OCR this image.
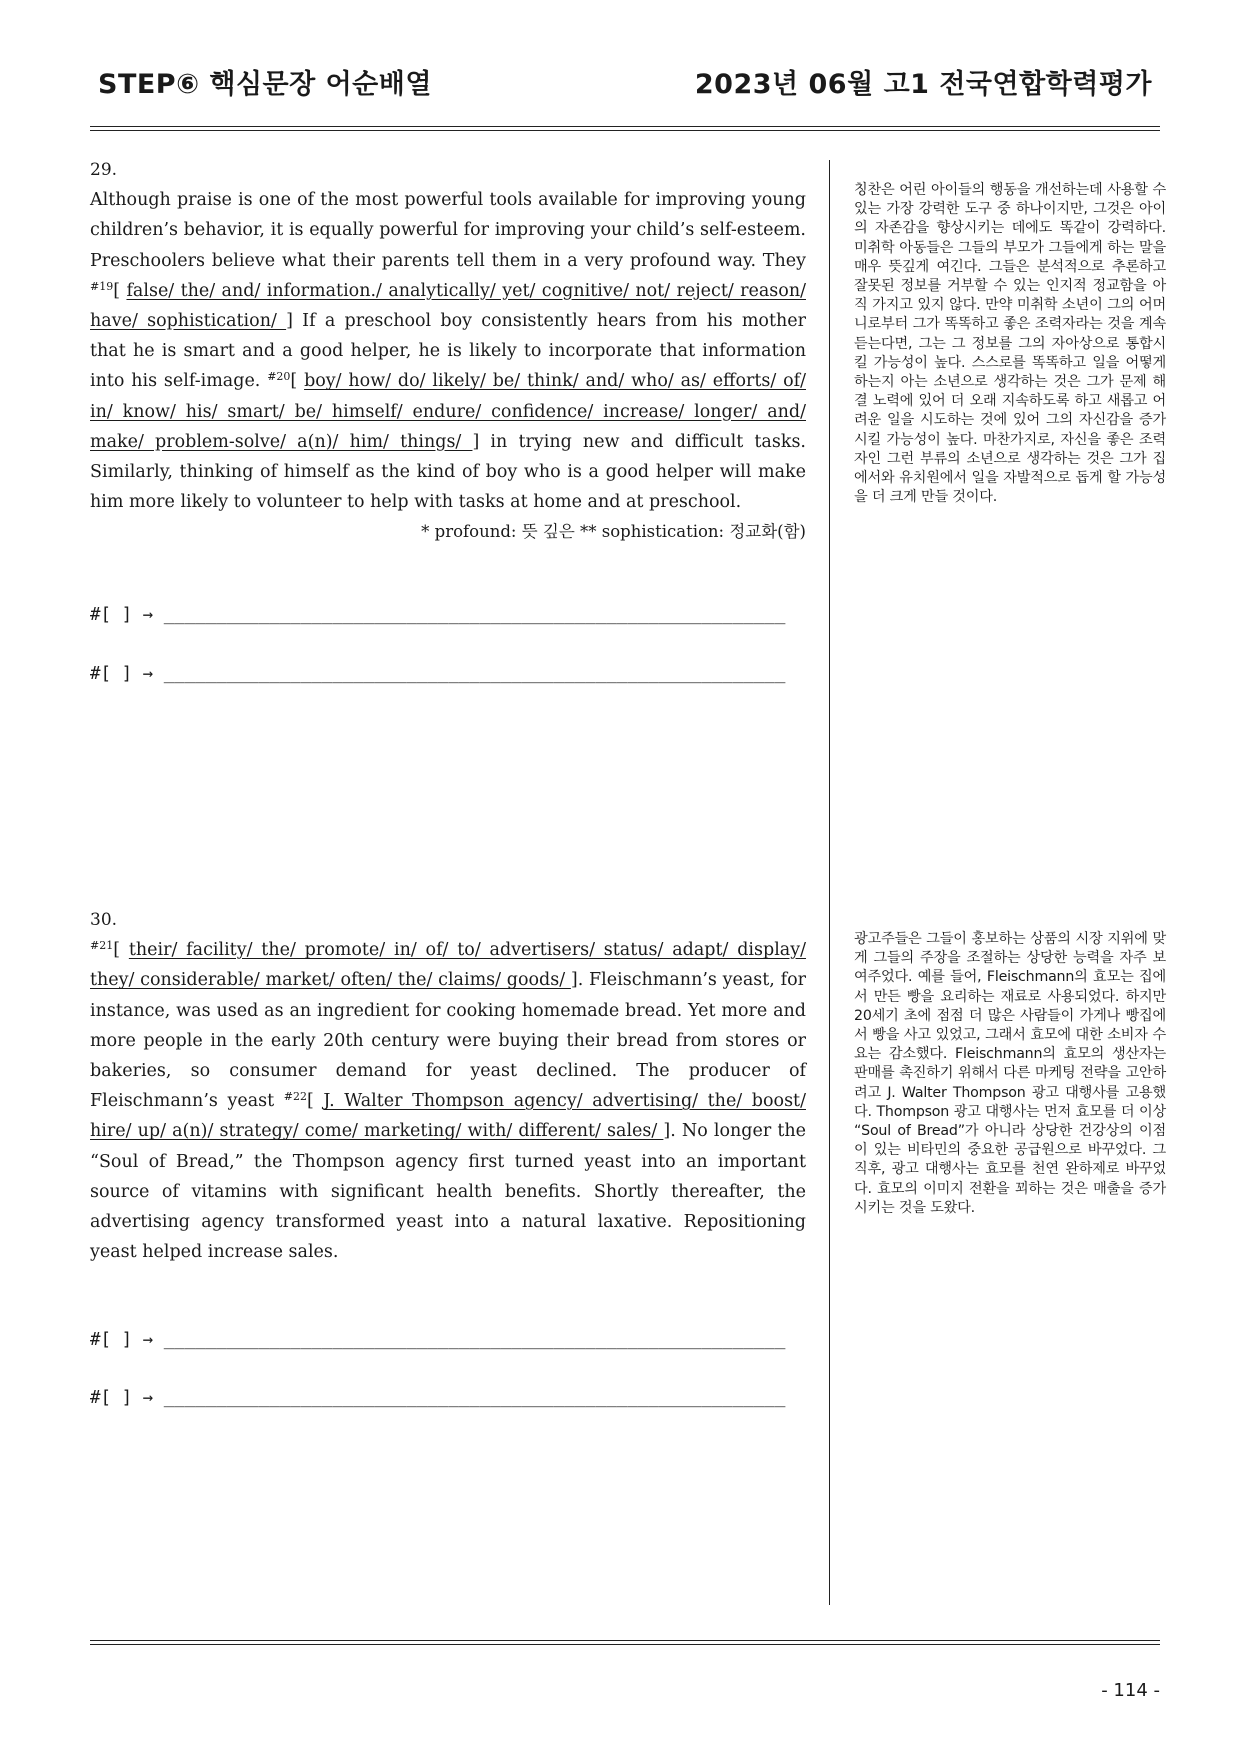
STEP⑥ 핵심문장 어순배열	2023년 06월 고1 전국연합학력평가
29.

Although praise is one of the most powerful tools available for improving young children’s behavior, it is equally powerful for improving your child’s self-esteem. Preschoolers believe what their parents tell them in a very profound way. They $^{\#19}$[ false/ the/ and/ information./ analytically/ yet/ cognitive/ not/ reject/ reason/ have/ sophistication/ ] If a preschool boy consistently hears from his mother that he is smart and a good helper, he is likely to incorporate that information into his self-image. $^{\#20}$[ boy/ how/ do/ likely/ be/ think/ and/ who/ as/ efforts/ of/ in/ know/ his/ smart/ be/ himself/ endure/ confidence/ increase/ longer/ and/ make/ problem-solve/ a(n)/ him/ things/ ] in trying new and difficult tasks. Similarly, thinking of himself as the kind of boy who is a good helper will make him more likely to volunteer to help with tasks at home and at preschool.

* profound: 뜻 깊은 ** sophistication: 정교화(함)
#[ ] → ___________________________________________________________
#[ ] → ___________________________________________________________
칭찬은 어린 아이들의 행동을 개선하는데 사용할 수 있는 가장 강력한 도구 중 하나이지만, 그것은 아이의 자존감을 향상시키는 데에도 똑같이 강력하다. 미취학 아동들은 그들의 부모가 그들에게 하는 말을 매우 뜻깊게 여긴다. 그들은 분석적으로 추론하고 잘못된 정보를 거부할 수 있는 인지적 정교함을 아직 가지고 있지 않다. 만약 미취학 소년이 그의 어머니로부터 그가 똑똑하고 좋은 조력자라는 것을 계속 듣는다면, 그는 그 정보를 그의 자아상으로 통합시킬 가능성이 높다. 스스로를 똑똑하고 일을 어떻게 하는지 아는 소년으로 생각하는 것은 그가 문제 해결 노력에 있어 더 오래 지속하도록 하고 새롭고 어려운 일을 시도하는 것에 있어 그의 자신감을 증가시킬 가능성이 높다. 마찬가지로, 자신을 좋은 조력자인 그런 부류의 소년으로 생각하는 것은 그가 집에서와 유치원에서 일을 자발적으로 돕게 할 가능성을 더 크게 만들 것이다.
30.

$^{\#21}$[ their/ facility/ the/ promote/ in/ of/ to/ advertisers/ status/ adapt/ display/ they/ considerable/ market/ often/ the/ claims/ goods/ ]. Fleischmann’s yeast, for instance, was used as an ingredient for cooking homemade bread. Yet more and more people in the early 20th century were buying their bread from stores or bakeries, so consumer demand for yeast declined. The producer of Fleischmann’s yeast $^{\#22}$[ J. Walter Thompson agency/ advertising/ the/ boost/ hire/ up/ a(n)/ strategy/ come/ marketing/ with/ different/ sales/ ]. No longer the “Soul of Bread,” the Thompson agency first turned yeast into an important source of vitamins with significant health benefits. Shortly thereafter, the advertising agency transformed yeast into a natural laxative. Repositioning yeast helped increase sales.

#[ ] → ___________________________________________________________
#[ ] → ___________________________________________________________
광고주들은 그들이 홍보하는 상품의 시장 지위에 맞게 그들의 주장을 조절하는 상당한 능력을 자주 보여주었다. 예를 들어, Fleischmann의 효모는 집에서 만든 빵을 요리하는 재료로 사용되었다. 하지만 20세기 초에 점점 더 많은 사람들이 가게나 빵집에서 빵을 사고 있었고, 그래서 효모에 대한 소비자 수요는 감소했다. Fleischmann의 효모의 생산자는 판매를 촉진하기 위해서 다른 마케팅 전략을 고안하려고 J. Walter Thompson 광고 대행사를 고용했다. Thompson 광고 대행사는 먼저 효모를 더 이상 “Soul of Bread”가 아니라 상당한 건강상의 이점이 있는 비타민의 중요한 공급원으로 바꾸었다. 그 직후, 광고 대행사는 효모를 천연 완하제로 바꾸었다. 효모의 이미지 전환을 꾀하는 것은 매출을 증가시키는 것을 도왔다.
- 114 -
